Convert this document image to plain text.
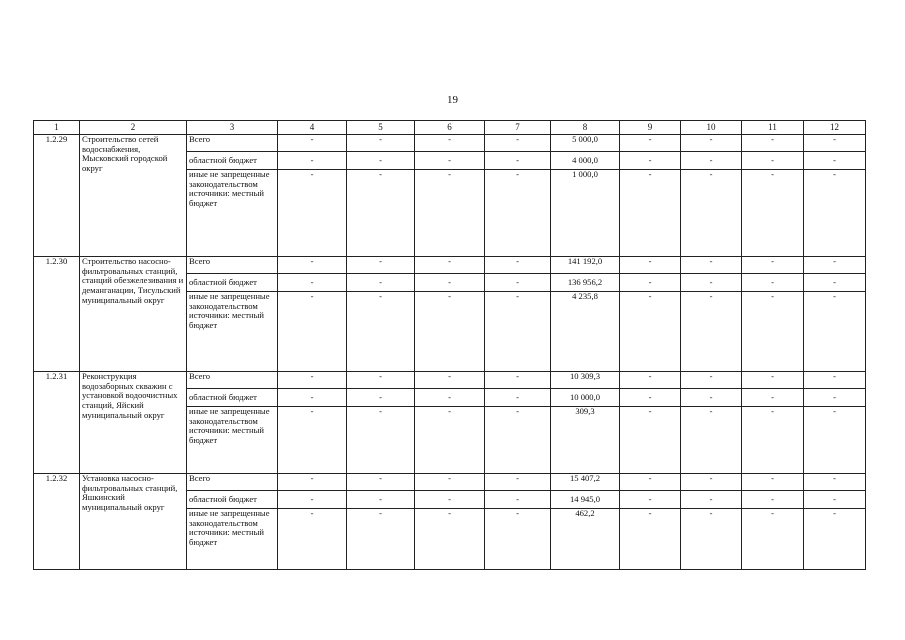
19
1	2	3	4	5	6	7	8	9	10	11	12
1.2.29	Строительство сетей водоснабжения, Мысковский городской округ	Всего	-	-	-	-	5 000,0	-	-	-	-
		областной бюджет	-	-	-	-	4 000,0	-	-	-	-
		иные не запрещенные законодательством источники: местный бюджет	-	-	-	-	1 000,0	-	-	-	-
1.2.30	Строительство насосно-фильтровальных станций, станций обезжелезивания и деманганации, Тисульский муниципальный округ	Всего	-	-	-	-	141 192,0	-	-	-	-
		областной бюджет	-	-	-	-	136 956,2	-	-	-	-
		иные не запрещенные законодательством источники: местный бюджет	-	-	-	-	4 235,8	-	-	-	-
1.2.31	Реконструкция водозаборных скважин с установкой водоочистных станций, Яйский муниципальный округ	Всего	-	-	-	-	10 309,3	-	-	-	-
		областной бюджет	-	-	-	-	10 000,0	-	-	-	-
		иные не запрещенные законодательством источники: местный бюджет	-	-	-	-	309,3	-	-	-	-
1.2.32	Установка насосно-фильтровальных станций, Яшкинский муниципальный округ	Всего	-	-	-	-	15 407,2	-	-	-	-
		областной бюджет	-	-	-	-	14 945,0	-	-	-	-
		иные не запрещенные законодательством источники: местный бюджет	-	-	-	-	462,2	-	-	-	-
